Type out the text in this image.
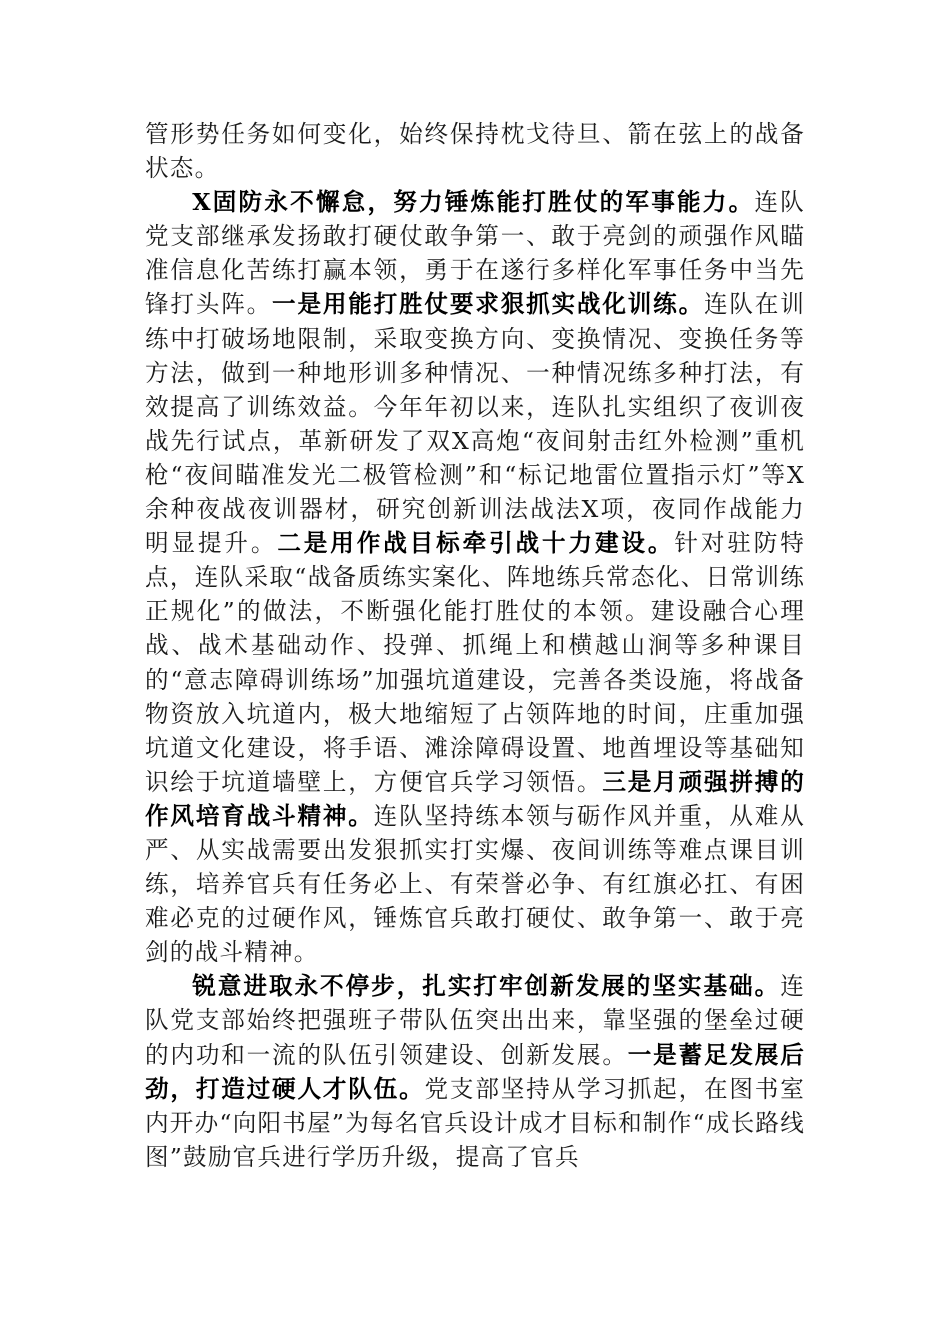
管形势任务如何变化，始终保持枕戈待旦、箭在弦上的战备状态。

X固防永不懈怠，努力锤炼能打胜仗的军事能力。连队党支部继承发扬敢打硬仗敢争第一、敢于亮剑的顽强作风瞄准信息化苦练打赢本领，勇于在遂行多样化军事任务中当先锋打头阵。一是用能打胜仗要求狠抓实战化训练。连队在训练中打破场地限制，采取变换方向、变换情况、变换任务等方法，做到一种地形训多种情况、一种情况练多种打法，有效提高了训练效益。今年年初以来，连队扎实组织了夜训夜战先行试点，革新研发了双X高炮“夜间射击红外检测”重机枪“夜间瞄准发光二极管检测”和“标记地雷位置指示灯”等X余种夜战夜训器材，研究创新训法战法X项，夜同作战能力明显提升。二是用作战目标牵引战十力建设。针对驻防特点，连队采取“战备质练实案化、阵地练兵常态化、日常训练正规化”的做法，不断强化能打胜仗的本领。建设融合心理战、战术基础动作、投弹、抓绳上和横越山涧等多种课目的“意志障碍训练场”加强坑道建设，完善各类设施，将战备物资放入坑道内，极大地缩短了占领阵地的时间，庄重加强坑道文化建设，将手语、滩涂障碍设置、地酋埋设等基础知识绘于坑道墙壁上，方便官兵学习领悟。三是月顽强拼搏的作风培育战斗精神。连队坚持练本领与砺作风并重，从难从严、从实战需要出发狠抓实打实爆、夜间训练等难点课目训练，培养官兵有任务必上、有荣誉必争、有红旗必扛、有困难必克的过硬作风，锤炼官兵敢打硬仗、敢争第一、敢于亮剑的战斗精神。

锐意进取永不停步，扎实打牢创新发展的坚实基础。连队党支部始终把强班子带队伍突出出来，靠坚强的堡垒过硬的内功和一流的队伍引领建设、创新发展。一是蓄足发展后劲，打造过硬人才队伍。党支部坚持从学习抓起，在图书室内开办“向阳书屋”为每名官兵设计成才目标和制作“成长路线图”鼓励官兵进行学历升级，提高了官兵
